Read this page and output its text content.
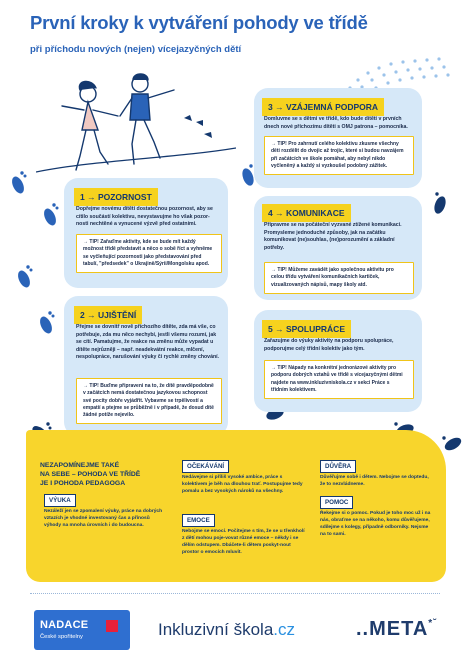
První kroky k vytváření pohody ve třídě
při příchodu nových (nejen) vícejazyčných dětí
1 → POZORNOST
Dopřejme novému dítěti dostatečnou pozornost, aby se cítilo součástí kolektivu, nevystavujme ho však pozor-nosti nechtěné a vynucené výzvě před ostatními.
→ TIP! Zařaďme aktivity, kde se bude mít každý možnost třídě představit a něco o sobě říct a vyhněme se vyčleňující pozornosti jako představování před tabulí, "předsedek" o Ukrajině/Sýrii/Mongolsku apod.
2 → UJIŠTĚNÍ
Přejme se dovnitř nově příchozího dítěte, zda má vše, co potřebuje, zda mu něco nechybí, jestli všemu rozumí, jak se cítí. Pamatujme, že reakce na změnu může vypadat u dítěte nejrůzněji – např. neadekvátní reakce, mlčení, nespolupráce, narušování výuky či rychlé změny chování.
→ TIP! Buďme připraveni na to, že dítě pravděpodobně v začátcích nemá dostatečnou jazykovou schopnost své pocity dobře vyjádřit. Vybavme se trpělivostí a empatií a ptejme se průběžně i v případě, že dosud dítě žádné potíže nejevilo.
3 → VZÁJEMNÁ PODPORA
Domluvme se s dětmi ve třídě, kdo bude dítěti v prvních dnech nové příchozímu dítěti s OMJ patrona – pomocníka.
→ TIP! Pro zahrnutí celého kolektivu zkusme všechny děti rozdělit do dvojic až trojic, které si budou navzájem při začátcích ve škole pomáhat, aby nebyl nikdo vyčleněný a každý si vyzkoušel podobný zážitek.
4 → KOMUNIKACE
Připravme se na počáteční vyzvané ztížené komunikaci. Promysleme jednoduché způsoby, jak na začátku komunikovat (ne)souhlas, (ne)porozumění a základní potřeby.
→ TIP! Můžeme zavádět jako společnou aktivitu pro celou třídu vytváření komunikačních kartiček, vizualizovaných nápisů, mapy školy atd.
5 → SPOLUPRÁCE
Zařazujme do výuky aktivity na podporu spolupráce, podporujme celý třídní kolektiv jako tým.
→ TIP! Nápady na konkrétní jednorázové aktivity pro podporu dobrých vztahů ve třídě s vícejazyčnými dětmi najdete na www.inkluzivniskola.cz v sekci Práce s třídním kolektivem.
NEZAPOMÍNEJME TAKÉ
NA SEBE – POHODA VE TŘÍDĚ
JE I POHODA PEDAGOGA
VÝUKA
Nezáleží jen se zpomalení výuky, práce na dobrých vztazích je vhodné investovaný čas a přínosů výhody na mnoha úrovních i do budoucna.
OČEKÁVÁNÍ
Nedávejme si příliš vysoké ambice, práce s kolektivem je běh na dlouhou trať. Postupujme tedy pomalu a bez vysokých nároků na všechny.
EMOCE
Nebojme se emocí. Počítejme s tím, že se u třenkholí z dětí mohou poje-vovat různé emoce – někdy i se dělím odstupem. Dbáčete-li dětem poskyt-nout prostor o emocích mluvit.
DŮVĚRA
Důvěřujme sobě i dětem. Nebojme se doptedu, že to nezvládneme.
POMOC
Řekejme si o pomoc. Pokud je toho moc už i na nás, obraťme se na někoho, komu důvěřujeme, sdílejme s kolegy, případně odborníky. Nejsme na to sami.
NADACE
České spořitelny	Inkluzivní škola.cz	..META*˘
